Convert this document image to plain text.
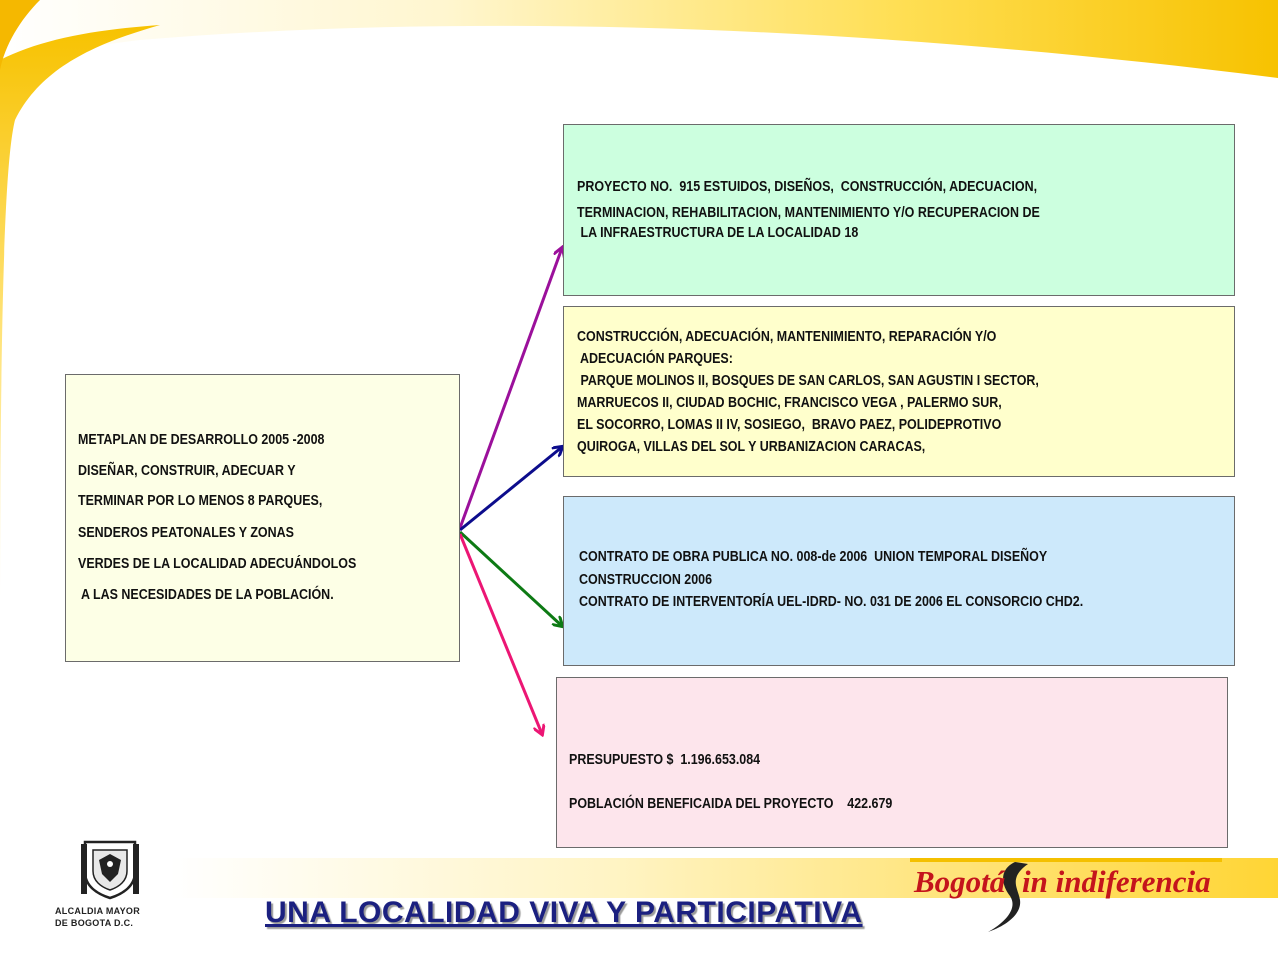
METAPLAN DE DESARROLLO 2005 -2008
DISEÑAR, CONSTRUIR, ADECUAR Y
TERMINAR POR LO MENOS 8 PARQUES,
SENDEROS PEATONALES Y ZONAS
VERDES DE LA LOCALIDAD ADECUÁNDOLOS
A LAS NECESIDADES DE LA POBLACIÓN.
PROYECTO NO.  915 ESTUIDOS, DISEÑOS,  CONSTRUCCIÓN, ADECUACION,
TERMINACION, REHABILITACION, MANTENIMIENTO Y/O RECUPERACION DE
LA INFRAESTRUCTURA DE LA LOCALIDAD 18
CONSTRUCCIÓN, ADECUACIÓN, MANTENIMIENTO, REPARACIÓN Y/O
ADECUACIÓN PARQUES:
PARQUE MOLINOS II, BOSQUES DE SAN CARLOS, SAN AGUSTIN I SECTOR,
MARRUECOS II, CIUDAD BOCHIC, FRANCISCO VEGA , PALERMO SUR,
EL SOCORRO, LOMAS II IV, SOSIEGO,  BRAVO PAEZ, POLIDEPROTIVO
QUIROGA, VILLAS DEL SOL Y URBANIZACION CARACAS,
CONTRATO DE OBRA PUBLICA NO. 008-de 2006  UNION TEMPORAL DISEÑOY
CONSTRUCCION 2006
CONTRATO DE INTERVENTORÍA UEL-IDRD- NO. 031 DE 2006 EL CONSORCIO CHD2.
PRESUPUESTO $  1.196.653.084
POBLACIÓN BENEFICAIDA DEL PROYECTO    422.679
ALCALDIA MAYOR
DE BOGOTA D.C.	UNA LOCALIDAD VIVA Y PARTICIPATIVA
Bogotá in indiferencia
